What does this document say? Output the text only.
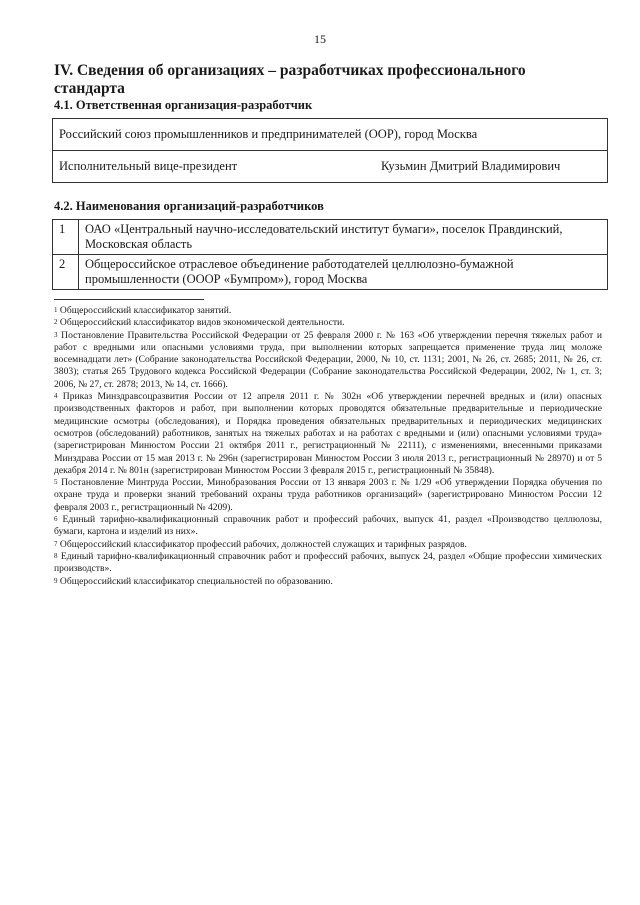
15
IV. Сведения об организациях – разработчиках профессионального стандарта
4.1. Ответственная организация-разработчик
Российский союз промышленников и предпринимателей (ООР), город Москва

Исполнительный вице-президент	Кузьмин Дмитрий Владимирович
4.2. Наименования организаций-разработчиков
1	ОАО «Центральный научно-исследовательский институт бумаги», поселок Правдинский, Московская область
2	Общероссийское отраслевое объединение работодателей целлюлозно-бумажной промышленности (ОООР «Бумпром»), город Москва

$^1$ Общероссийский классификатор занятий.

$^2$ Общероссийский классификатор видов экономической деятельности.

$^3$ Постановление Правительства Российской Федерации от 25 февраля 2000 г. № 163 «Об утверждении перечня тяжелых работ и работ с вредными или опасными условиями труда, при выполнении которых запрещается применение труда лиц моложе восемнадцати лет» (Собрание законодательства Российской Федерации, 2000, № 10, ст. 1131; 2001, № 26, ст. 2685; 2011, № 26, ст. 3803); статья 265 Трудового кодекса Российской Федерации (Собрание законодательства Российской Федерации, 2002, № 1, ст. 3; 2006, № 27, ст. 2878; 2013, № 14, ст. 1666).

$^4$ Приказ Минздравсоцразвития России от 12 апреля 2011 г. № 302н «Об утверждении перечней вредных и (или) опасных производственных факторов и работ, при выполнении которых проводятся обязательные предварительные и периодические медицинские осмотры (обследования), и Порядка проведения обязательных предварительных и периодических медицинских осмотров (обследований) работников, занятых на тяжелых работах и на работах с вредными и (или) опасными условиями труда» (зарегистрирован Минюстом России 21 октября 2011 г., регистрационный № 22111), с изменениями, внесенными приказами Минздрава России от 15 мая 2013 г. № 296н (зарегистрирован Минюстом России 3 июля 2013 г., регистрационный № 28970) и от 5 декабря 2014 г. № 801н (зарегистрирован Минюстом России 3 февраля 2015 г., регистрационный № 35848).

$^5$ Постановление Минтруда России, Минобразования России от 13 января 2003 г. № 1/29 «Об утверждении Порядка обучения по охране труда и проверки знаний требований охраны труда работников организаций» (зарегистрировано Минюстом России 12 февраля 2003 г., регистрационный № 4209).

$^6$ Единый тарифно-квалификационный справочник работ и профессий рабочих, выпуск 41, раздел «Производство целлюлозы, бумаги, картона и изделий из них».

$^7$ Общероссийский классификатор профессий рабочих, должностей служащих и тарифных разрядов.

$^8$ Единый тарифно-квалификационный справочник работ и профессий рабочих, выпуск 24, раздел «Общие профессии химических производств».

$^9$ Общероссийский классификатор специальностей по образованию.
